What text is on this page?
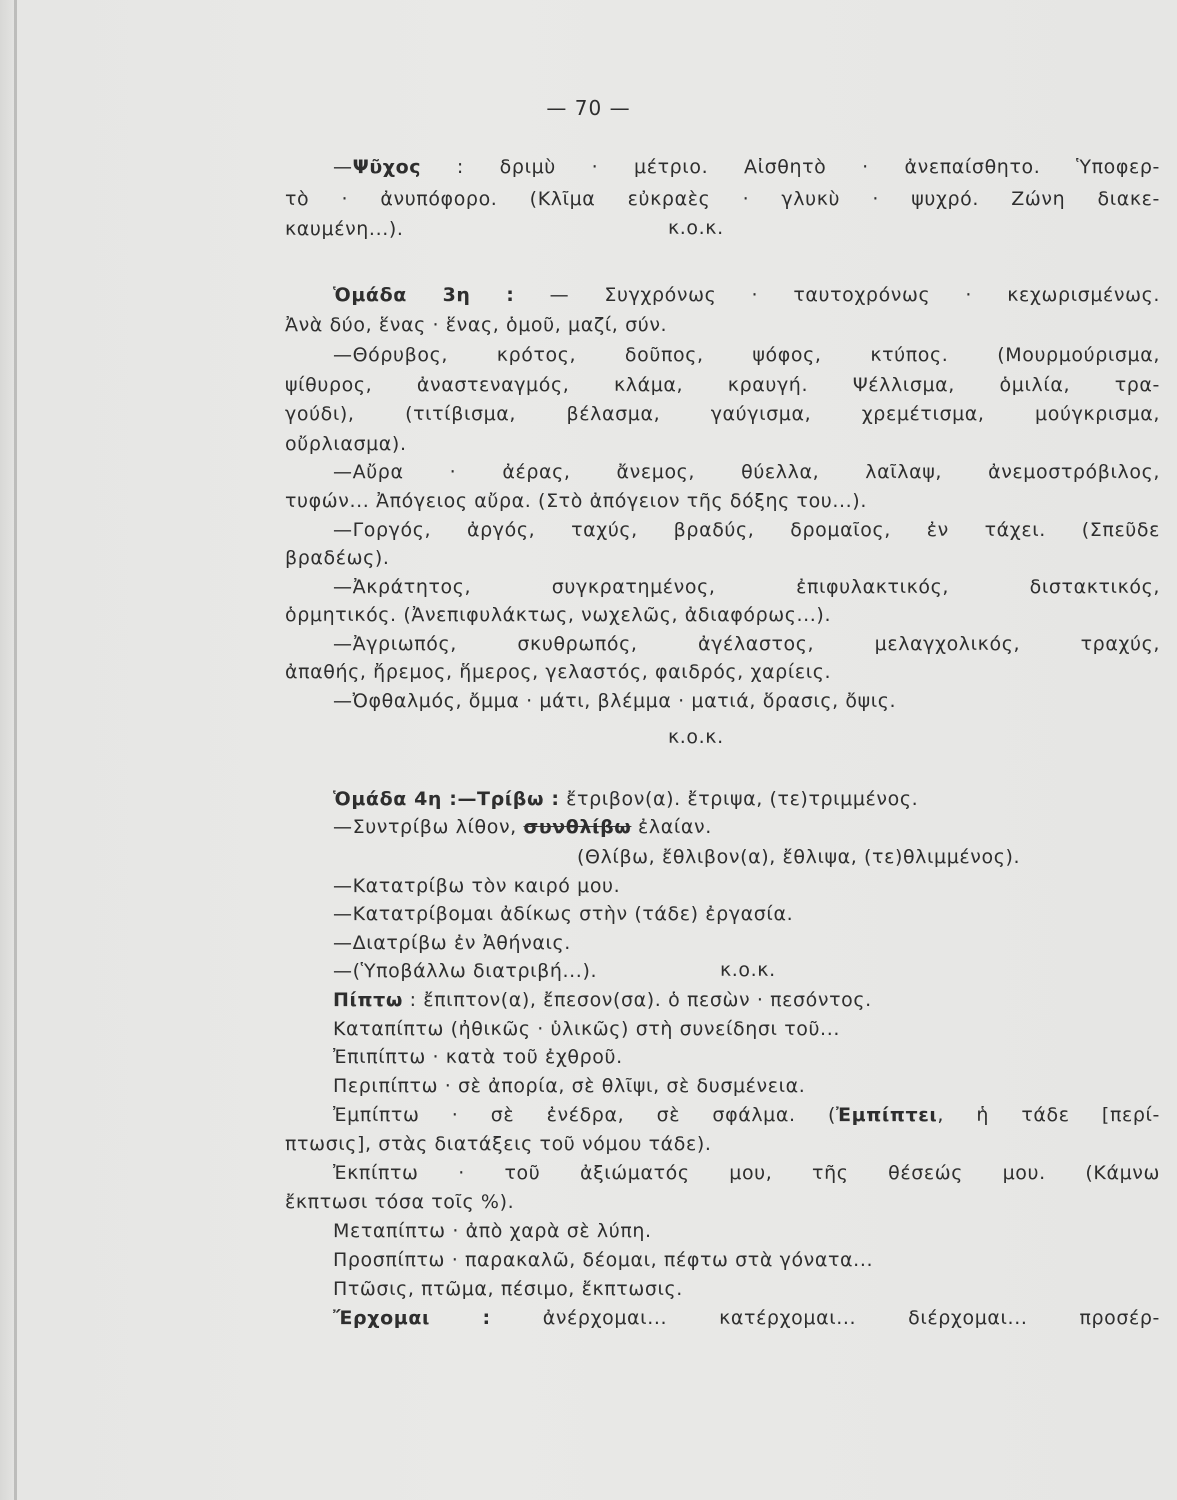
— 70 —
—Ψῦχος : δριμὺ · μέτριο. Αἰσθητὸ · ἀνεπαίσθητο. Ὑποφερ-
τὸ · ἀνυπόφορο. (Κλῖμα εὐκραὲς · γλυκὺ · ψυχρό. Ζώνη διακε-
καυμένη...).	κ.ο.κ.
Ὁμάδα 3η : — Συγχρόνως · ταυτοχρόνως · κεχωρισμένως.
Ἀνὰ δύο, ἕνας · ἕνας, ὁμοῦ, μαζί, σύν.
—Θόρυβος, κρότος, δοῦπος, ψόφος, κτύπος. (Μουρμούρισμα,
ψίθυρος, ἀναστεναγμός, κλάμα, κραυγή. Ψέλλισμα, ὁμιλία, τρα-
γούδι), (τιτίβισμα, βέλασμα, γαύγισμα, χρεμέτισμα, μούγκρισμα,
οὔρλιασμα).
—Αὔρα · ἀέρας, ἄνεμος, θύελλα, λαῖλαψ, ἀνεμοστρόβιλος,
τυφών... Ἀπόγειος αὔρα. (Στὸ ἀπόγειον τῆς δόξης του...).
—Γοργός, ἀργός, ταχύς, βραδύς, δρομαῖος, ἐν τάχει. (Σπεῦδε
βραδέως).
—Ἀκράτητος, συγκρατημένος, ἐπιφυλακτικός, διστακτικός,
ὁρμητικός. (Ἀνεπιφυλάκτως, νωχελῶς, ἀδιαφόρως...).
—Ἀγριωπός, σκυθρωπός, ἀγέλαστος, μελαγχολικός, τραχύς,
ἀπαθής, ἤρεμος, ἥμερος, γελαστός, φαιδρός, χαρίεις.
—Ὀφθαλμός, ὄμμα · μάτι, βλέμμα · ματιά, ὅρασις, ὄψις.
κ.ο.κ.
Ὁμάδα 4η :—Τρίβω : ἔτριβον(α). ἔτριψα, (τε)τριμμένος.
—Συντρίβω λίθον, συνθλίβω ἐλαίαν.
(Θλίβω, ἔθλιβον(α), ἔθλιψα, (τε)θλιμμένος).
—Κατατρίβω τὸν καιρό μου.
—Κατατρίβομαι ἀδίκως στὴν (τάδε) ἐργασία.
—Διατρίβω ἐν Ἀθήναις.
—(Ὑποβάλλω διατριβή...).	κ.ο.κ.
Πίπτω : ἔπιπτον(α), ἔπεσον(σα). ὁ πεσὼν · πεσόντος.
Καταπίπτω (ἠθικῶς · ὑλικῶς) στὴ συνείδησι τοῦ...
Ἐπιπίπτω · κατὰ τοῦ ἐχθροῦ.
Περιπίπτω · σὲ ἀπορία, σὲ θλῖψι, σὲ δυσμένεια.
Ἐμπίπτω · σὲ ἐνέδρα, σὲ σφάλμα. (Ἐμπίπτει, ἡ τάδε [περί-
πτωσις], στὰς διατάξεις τοῦ νόμου τάδε).
Ἐκπίπτω · τοῦ ἀξιώματός μου, τῆς θέσεώς μου. (Κάμνω
ἔκπτωσι τόσα τοῖς %).
Μεταπίπτω · ἀπὸ χαρὰ σὲ λύπη.
Προσπίπτω · παρακαλῶ, δέομαι, πέφτω στὰ γόνατα...
Πτῶσις, πτῶμα, πέσιμο, ἔκπτωσις.
Ἔρχομαι : ἀνέρχομαι... κατέρχομαι... διέρχομαι... προσέρ-
